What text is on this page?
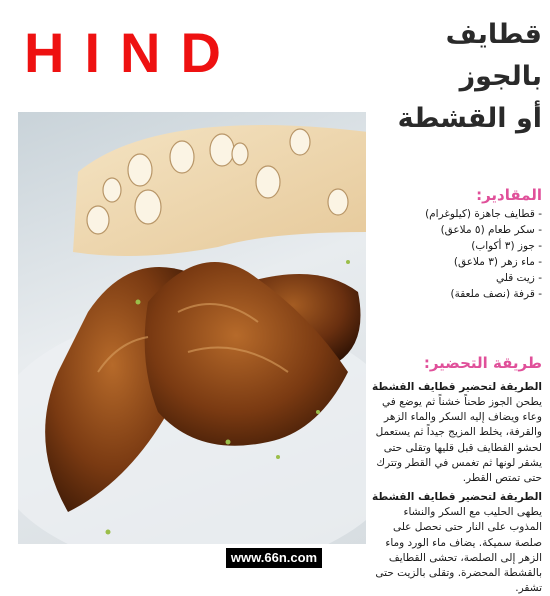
HIND	قطايف بالجوز
أو القشطة

المقادير:

- قطايف جاهزة (كيلوغرام)
- سكر طعام (٥ ملاعق)
- جوز (٣ أكواب)
- ماء زهر (٣ ملاعق)
- زيت قلي
- قرفة (نصف ملعقة)

طريقة التحضير:

الطريقة لتحضير قطايف القشطة

يطحن الجوز طحناً خشناً ثم يوضع في وعاء ويضاف إليه السكر والماء الزهر والقرفة، يخلط المزيج جيداً ثم يستعمل لحشو القطايف قبل قليها وتقلى حتى يشقر لونها ثم تغمس في القطر وتترك حتى تمتص القطر.

الطريقة لتحضير قطايف القشطة

يطهى الحليب مع السكر والنشاء المذوب على النار حتى نحصل على صلصة سميكة. يضاف ماء الورد وماء الزهر إلى الصلصة، تحشى القطايف بالقشطة المحضرة. وتقلى بالزيت حتى تشقر.

www.66n.com
